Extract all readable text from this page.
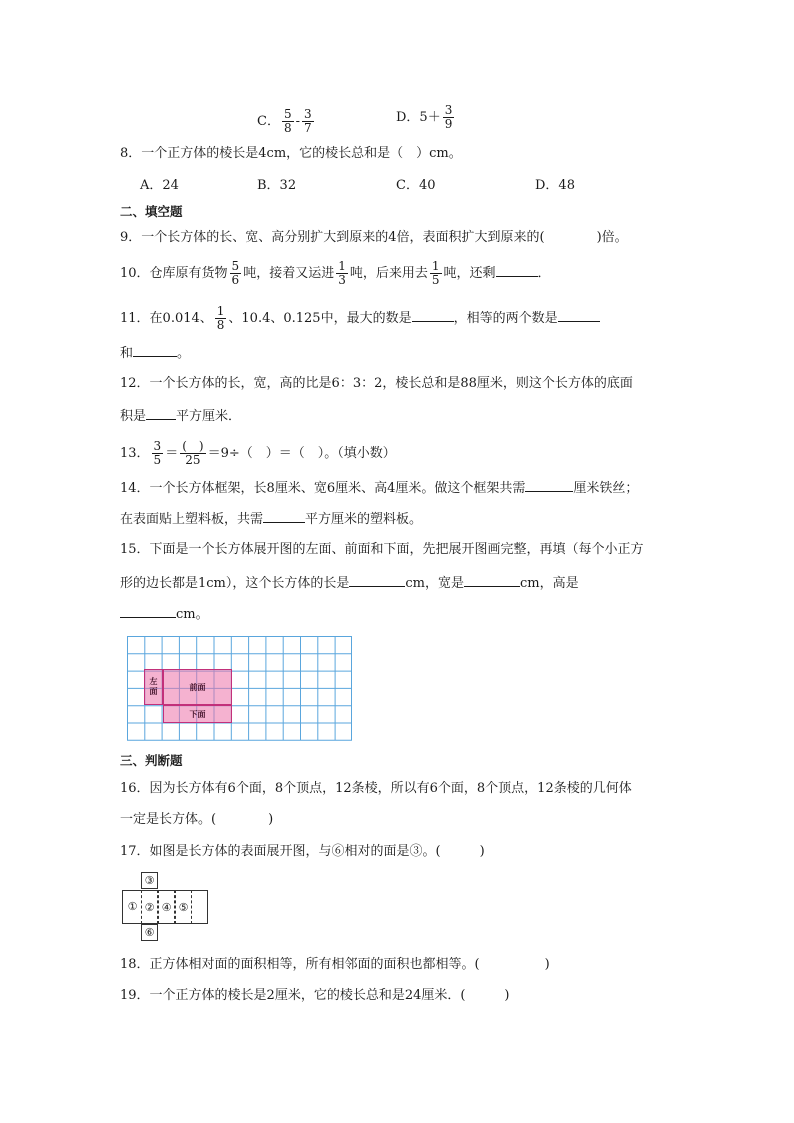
C． $\frac{5}{8} - \frac{3}{7}$	D．$5+ \frac{3}{9}$
8．一个正方体的棱长是4cm，它的棱长总和是（　）cm。
A．24	B．32	C．40	D．48
二、填空题
9．一个长方体的长、宽、高分别扩大到原来的4倍，表面积扩大到原来的(　　　　)倍。
10．仓库原有货物 $\frac{5}{6}$ 吨，接着又运进 $\frac{1}{3}$ 吨，后来用去 $\frac{1}{5}$ 吨，还剩	．
11．在0.014、 $\frac{1}{8}$ 、10.4、0.125中，最大的数是	，相等的两个数是
和	。
12．一个长方体的长，宽，高的比是6：3：2，棱长总和是88厘米，则这个长方体的底面
积是 平方厘米．
13． $\frac{3}{5} = \frac{( )}{25} =9\div$（　）＝（　）。（填小数）
14．一个长方体框架，长8厘米、宽6厘米、高4厘米。做这个框架共需	厘米铁丝；
在表面贴上塑料板，共需	平方厘米的塑料板。
15．下面是一个长方体展开图的左面、前面和下面，先把展开图画完整，再填（每个小正方
形的边长都是1cm），这个长方体的长是	cm，宽是	cm，高是
cm。
左面	前面
下面
三、判断题
16．因为长方体有6个面，8个顶点，12条棱，所以有6个面，8个顶点，12条棱的几何体
一定是长方体。(　　　　)
17．如图是长方体的表面展开图，与⑥相对的面是③。(　　　)
③
① ② ④ ⑤
⑥
18．正方体相对面的面积相等，所有相邻面的面积也都相等。(　　　　　)
19．一个正方体的棱长是2厘米，它的棱长总和是24厘米．(　　　)
